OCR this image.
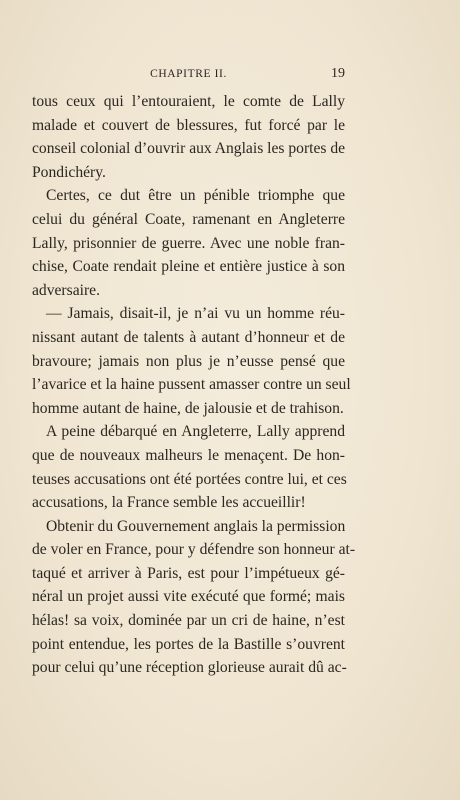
CHAPITRE II.	19
tous ceux qui l’entouraient, le comte de Lally
malade et couvert de blessures, fut forcé par le
conseil colonial d’ouvrir aux Anglais les portes de
Pondichéry.
Certes, ce dut être un pénible triomphe que
celui du général Coate, ramenant en Angleterre
Lally, prisonnier de guerre. Avec une noble fran-
chise, Coate rendait pleine et entière justice à son
adversaire.
— Jamais, disait-il, je n’ai vu un homme réu-
nissant autant de talents à autant d’honneur et de
bravoure; jamais non plus je n’eusse pensé que
l’avarice et la haine pussent amasser contre un seul
homme autant de haine, de jalousie et de trahison.
A peine débarqué en Angleterre, Lally apprend
que de nouveaux malheurs le menaçent. De hon-
teuses accusations ont été portées contre lui, et ces
accusations, la France semble les accueillir!
Obtenir du Gouvernement anglais la permission
de voler en France, pour y défendre son honneur at-
taqué et arriver à Paris, est pour l’impétueux gé-
néral un projet aussi vite exécuté que formé; mais
hélas! sa voix, dominée par un cri de haine, n’est
point entendue, les portes de la Bastille s’ouvrent
pour celui qu’une réception glorieuse aurait dû ac-
